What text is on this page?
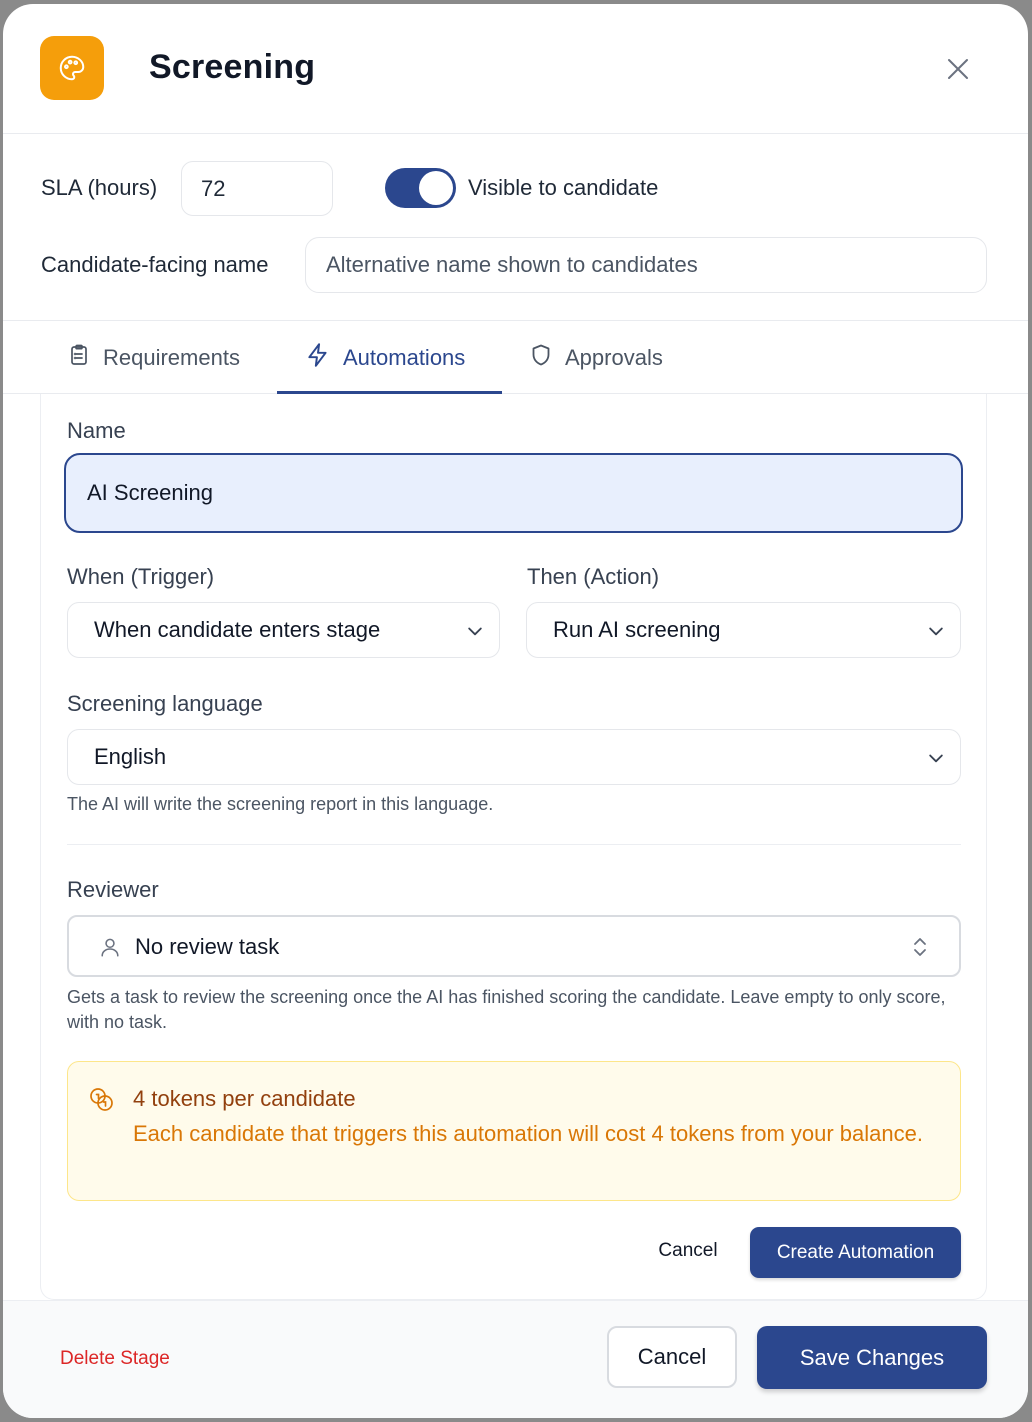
Screening
SLA (hours)
72	Visible to candidate
Candidate-facing name
Alternative name shown to candidates
Requirements	Automations	Approvals
Name
AI Screening
When (Trigger)
When candidate enters stage
Then (Action)
Run AI screening
Screening language
English
The AI will write the screening report in this language.
Reviewer
No review task
Gets a task to review the screening once the AI has finished scoring the candidate. Leave empty to only score, with no task.
4 tokens per candidate
Each candidate that triggers this automation will cost 4 tokens from your balance.
Cancel	Create Automation
Delete Stage	Cancel	Save Changes
